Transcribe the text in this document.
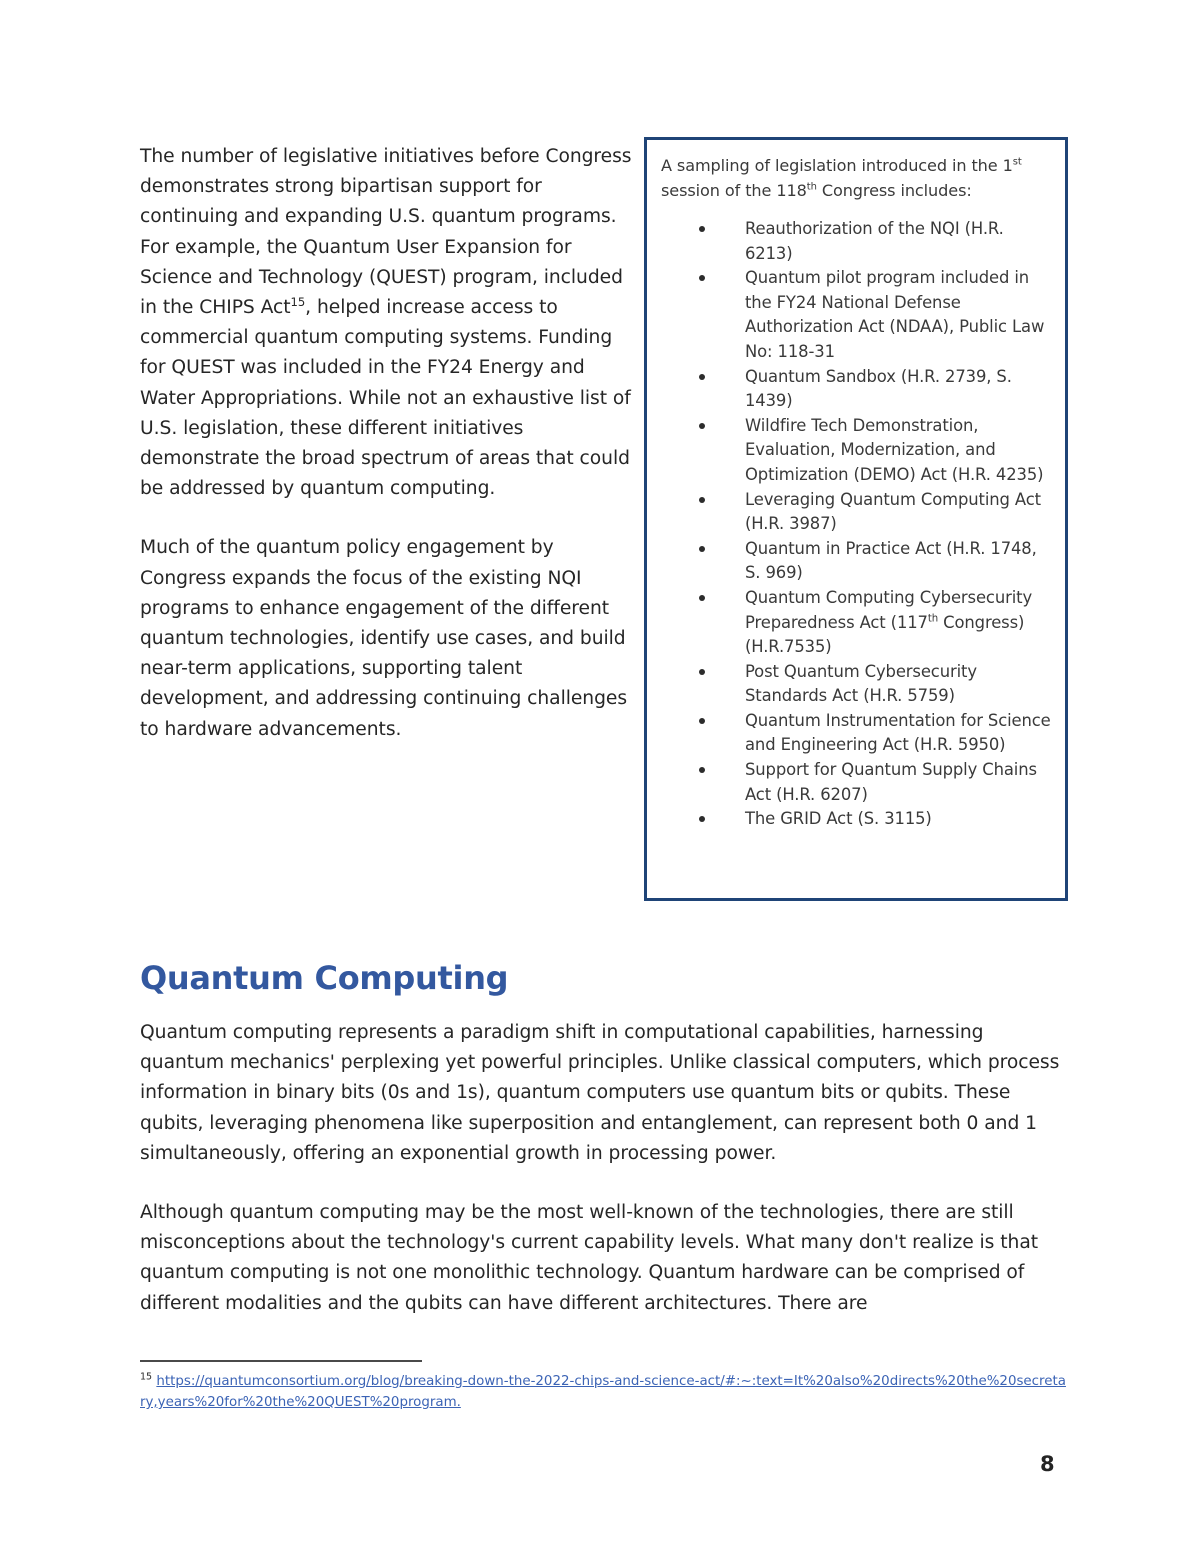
The number of legislative initiatives before Congress demonstrates strong bipartisan support for continuing and expanding U.S. quantum programs. For example, the Quantum User Expansion for Science and Technology (QUEST) program, included in the CHIPS Act$^{15}$, helped increase access to commercial quantum computing systems. Funding for QUEST was included in the FY24 Energy and Water Appropriations. While not an exhaustive list of U.S. legislation, these different initiatives demonstrate the broad spectrum of areas that could be addressed by quantum computing.

Much of the quantum policy engagement by Congress expands the focus of the existing NQI programs to enhance engagement of the different quantum technologies, identify use cases, and build near-term applications, supporting talent development, and addressing continuing challenges to hardware advancements.

A sampling of legislation introduced in the 1st session of the 118th Congress includes:

Reauthorization of the NQI (H.R. 6213)
Quantum pilot program included in the FY24 National Defense Authorization Act (NDAA), Public Law No: 118-31
Quantum Sandbox (H.R. 2739, S. 1439)
Wildfire Tech Demonstration, Evaluation, Modernization, and Optimization (DEMO) Act (H.R. 4235)
Leveraging Quantum Computing Act (H.R. 3987)
Quantum in Practice Act (H.R. 1748, S. 969)
Quantum Computing Cybersecurity Preparedness Act (117th Congress) (H.R.7535)
Post Quantum Cybersecurity Standards Act (H.R. 5759)
Quantum Instrumentation for Science and Engineering Act (H.R. 5950)
Support for Quantum Supply Chains Act (H.R. 6207)
The GRID Act (S. 3115)
Quantum Computing

Quantum computing represents a paradigm shift in computational capabilities, harnessing quantum mechanics' perplexing yet powerful principles. Unlike classical computers, which process information in binary bits (0s and 1s), quantum computers use quantum bits or qubits. These qubits, leveraging phenomena like superposition and entanglement, can represent both 0 and 1 simultaneously, offering an exponential growth in processing power.

Although quantum computing may be the most well-known of the technologies, there are still misconceptions about the technology's current capability levels. What many don't realize is that quantum computing is not one monolithic technology. Quantum hardware can be comprised of different modalities and the qubits can have different architectures. There are

$^{15}$ https://quantumconsortium.org/blog/breaking-down-the-2022-chips-and-science-act/#:~:text=It%20also%20directs%20the%20secretary,years%20for%20the%20QUEST%20program.
8
